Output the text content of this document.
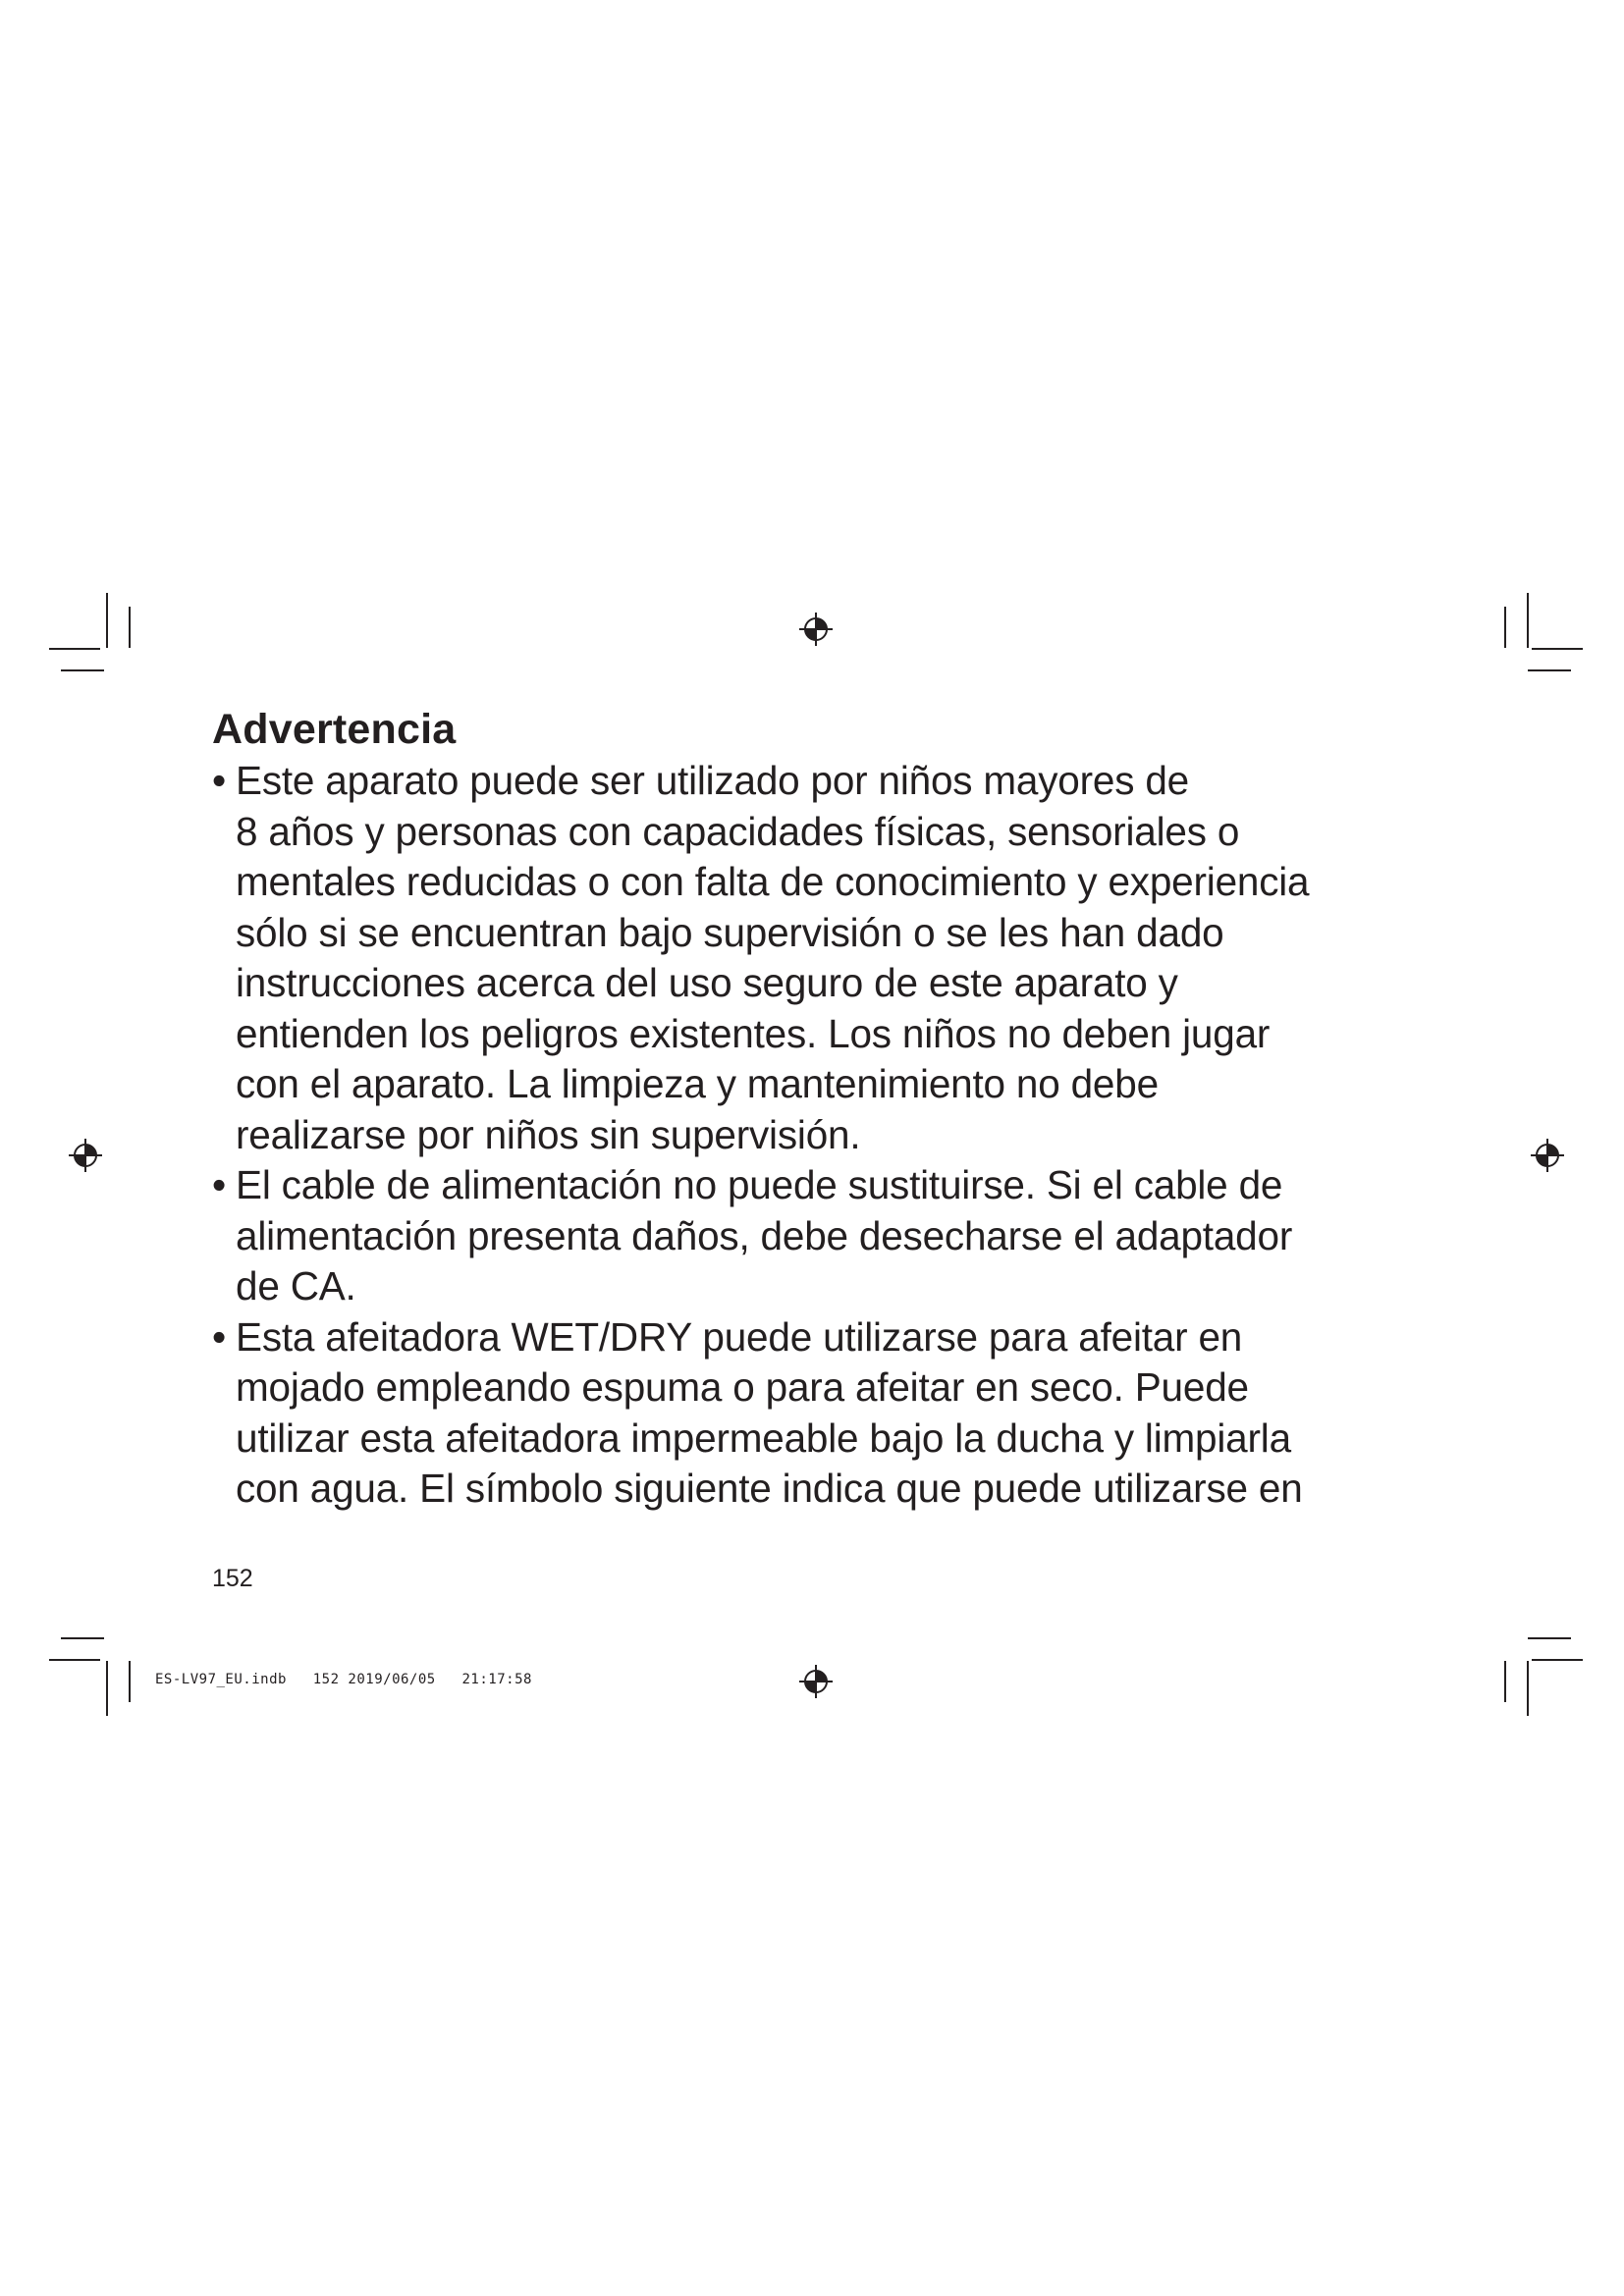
Advertencia
• Este aparato puede ser utilizado por niños mayores de
8 años y personas con capacidades físicas, sensoriales o
mentales reducidas o con falta de conocimiento y experiencia
sólo si se encuentran bajo supervisión o se les han dado
instrucciones acerca del uso seguro de este aparato y
entienden los peligros existentes. Los niños no deben jugar
con el aparato. La limpieza y mantenimiento no debe
realizarse por niños sin supervisión.
• El cable de alimentación no puede sustituirse. Si el cable de
alimentación presenta daños, debe desecharse el adaptador
de CA.
• Esta afeitadora WET/DRY puede utilizarse para afeitar en
mojado empleando espuma o para afeitar en seco. Puede
utilizar esta afeitadora impermeable bajo la ducha y limpiarla
con agua. El símbolo siguiente indica que puede utilizarse en
152
ES-LV97_EU.indb   152 2019/06/05   21:17:58
